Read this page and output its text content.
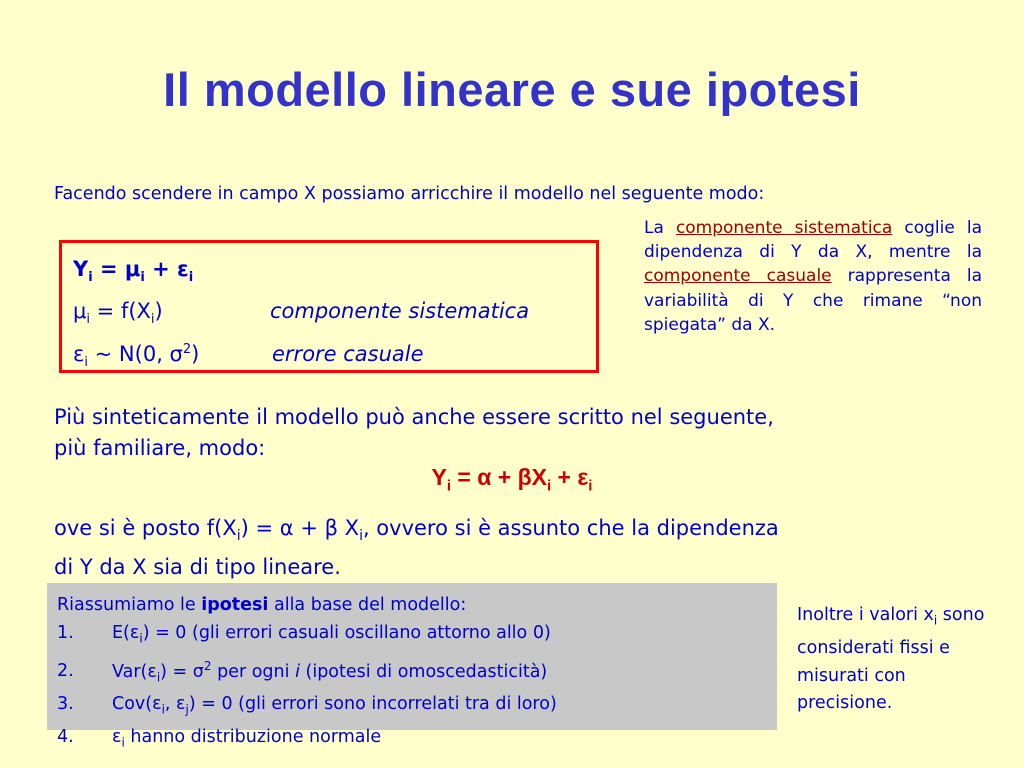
Il modello lineare e sue ipotesi
Facendo scendere in campo X possiamo arricchire il modello nel seguente modo:
$Y_i = \mu_i + \varepsilon_i$
$\mu_i = f(X_i)$	componente sistematica
$\varepsilon_i$ ~ N(0, $\sigma^2$)	errore casuale
La componente sistematica coglie la dipendenza di Y da X, mentre la componente casuale rappresenta la variabilità di Y che rimane “non spiegata” da X.
Più sinteticamente il modello può anche essere scritto nel seguente,
più familiare, modo:
$Y_i = \alpha + \beta X_i + \varepsilon_i$
ove si è posto $f(X_i) = \alpha + \beta$ $X_i$, ovvero si è assunto che la dipendenza
di Y da X sia di tipo lineare.
Riassumiamo le ipotesi alla base del modello:
1. $E(\varepsilon_i) = 0$ (gli errori casuali oscillano attorno allo 0)
2. $Var(\varepsilon_i) = \sigma^2$ per ogni i (ipotesi di omoscedasticità)
3. $Cov(\varepsilon_i$, $\varepsilon_j) = 0$ (gli errori sono incorrelati tra di loro)
4. $\varepsilon_i$ hanno distribuzione normale
Inoltre i valori $x_i$ sono considerati fissi e misurati con precisione.
